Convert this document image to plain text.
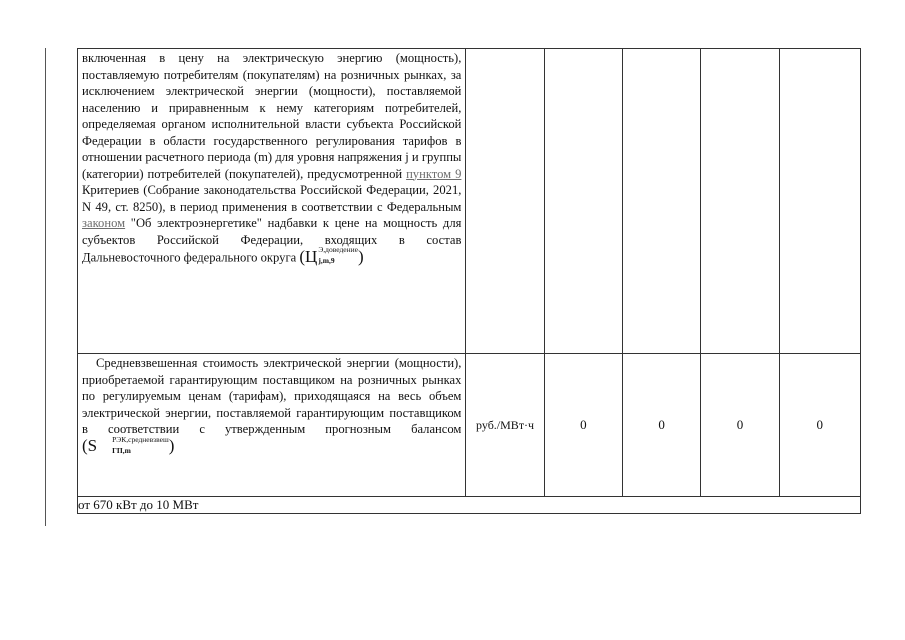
включенная в цену на электрическую энергию (мощность), поставляемую потребителям (покупателям) на розничных рынках, за исключением электрической энергии (мощности), поставляемой населению и приравненным к нему категориям потребителей, определяемая органом исполнительной власти субъекта Российской Федерации в области государственного регулирования тарифов в отношении расчетного периода (m) для уровня напряжения j и группы (категории) потребителей (покупателей), предусмотренной пунктом 9 Критериев (Собрание законодательства Российской Федерации, 2021, N 49, ст. 8250), в период применения в соответствии с Федеральным законом "Об электроэнергетике" надбавки к цене на мощность для субъектов Российской Федерации, входящих в состав Дальневосточного федерального округа (Ц Э,доведение
j,m,9 )					

Средневзвешенная стоимость электрической энергии (мощности), приобретаемой гарантирующим поставщиком на розничных рынках по регулируемым ценам (тарифам), приходящаяся на весь объем электрической энергии, поставляемой гарантирующим поставщиком в соответствии с утвержденным прогнозным балансом (S РЭК,средневзвеш
ГП,m )	руб./МВт·ч	0	0	0	0
от 670 кВт до 10 МВт					
